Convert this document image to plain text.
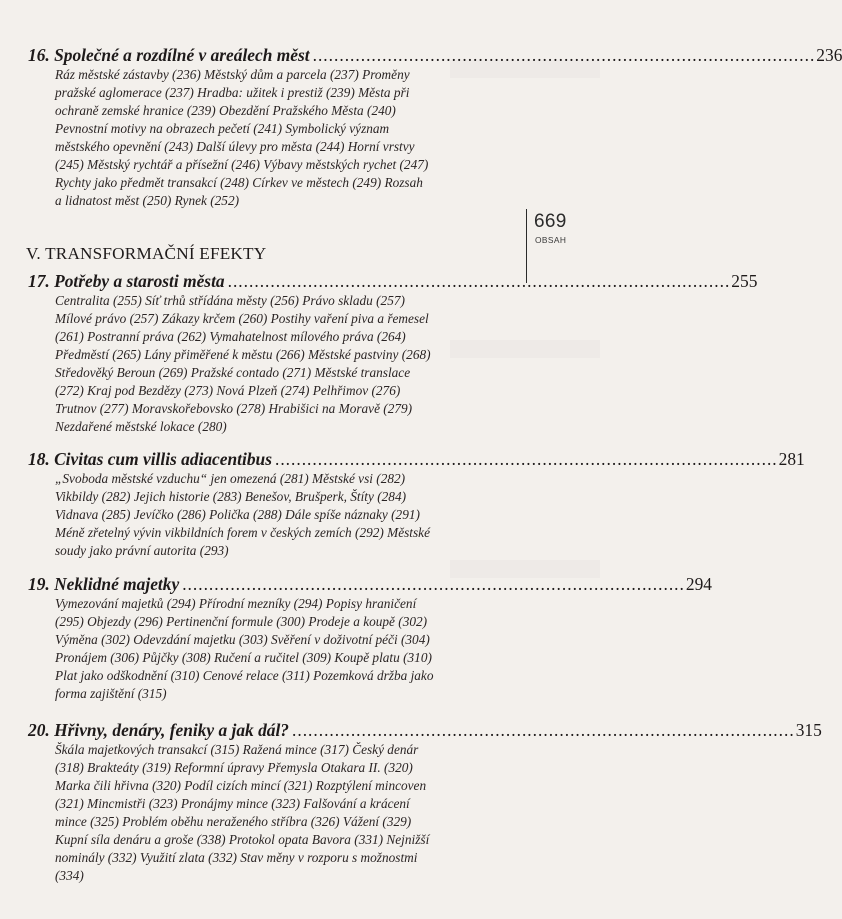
16. Společné a rozdílné v areálech měst .............................................................................................. 236
Ráz městské zástavby (236) Městský dům a parcela (237) Proměny
pražské aglomerace (237) Hradba: užitek i prestiž (239) Města při
ochraně zemské hranice (239) Obezdění Pražského Města (240)
Pevnostní motivy na obrazech pečetí (241) Symbolický význam
městského opevnění (243) Další úlevy pro města (244) Horní vrstvy
(245) Městský rychtář a přísežní (246) Výbavy městských rychet (247)
Rychty jako předmět transakcí (248) Církev ve městech (249) Rozsah
a lidnatost měst (250) Rynek (252)
V. TRANSFORMAČNÍ EFEKTY
669
OBSAH
17. Potřeby a starosti města .............................................................................................. 255
Centralita (255) Síť trhů střídána městy (256) Právo skladu (257)
Mílové právo (257) Zákazy krčem (260) Postihy vaření piva a řemesel
(261) Postranní práva (262) Vymahatelnost mílového práva (264)
Předměstí (265) Lány přiměřené k městu (266) Městské pastviny (268)
Středověký Beroun (269) Pražské contado (271) Městské translace
(272) Kraj pod Bezdězy (273) Nová Plzeň (274) Pelhřimov (276)
Trutnov (277) Moravskořebovsko (278) Hrabišici na Moravě (279)
Nezdařené městské lokace (280)
18. Civitas cum villis adiacentibus .............................................................................................. 281
„Svoboda městské vzduchu“ jen omezená (281) Městské vsi (282)
Vikbildy (282) Jejich historie (283) Benešov, Brušperk, Štíty (284)
Vidnava (285) Jevíčko (286) Polička (288) Dále spíše náznaky (291)
Méně zřetelný vývin vikbildních forem v českých zemích (292) Městské
soudy jako právní autorita (293)
19. Neklidné majetky .............................................................................................. 294
Vymezování majetků (294) Přírodní mezníky (294) Popisy hraničení
(295) Objezdy (296) Pertinenční formule (300) Prodeje a koupě (302)
Výměna (302) Odevzdání majetku (303) Svěření v doživotní péči (304)
Pronájem (306) Půjčky (308) Ručení a ručitel (309) Koupě platu (310)
Plat jako odškodnění (310) Cenové relace (311) Pozemková držba jako
forma zajištění (315)
20. Hřivny, denáry, feniky a jak dál? .............................................................................................. 315
Škála majetkových transakcí (315) Ražená mince (317) Český denár
(318) Brakteáty (319) Reformní úpravy Přemysla Otakara II. (320)
Marka čili hřivna (320) Podíl cizích mincí (321) Rozptýlení mincoven
(321) Mincmistři (323) Pronájmy mince (323) Falšování a krácení
mince (325) Problém oběhu neraženého stříbra (326) Vážení (329)
Kupní síla denáru a groše (338) Protokol opata Bavora (331) Nejnižší
nominály (332) Využití zlata (332) Stav měny v rozporu s možnostmi
(334)
